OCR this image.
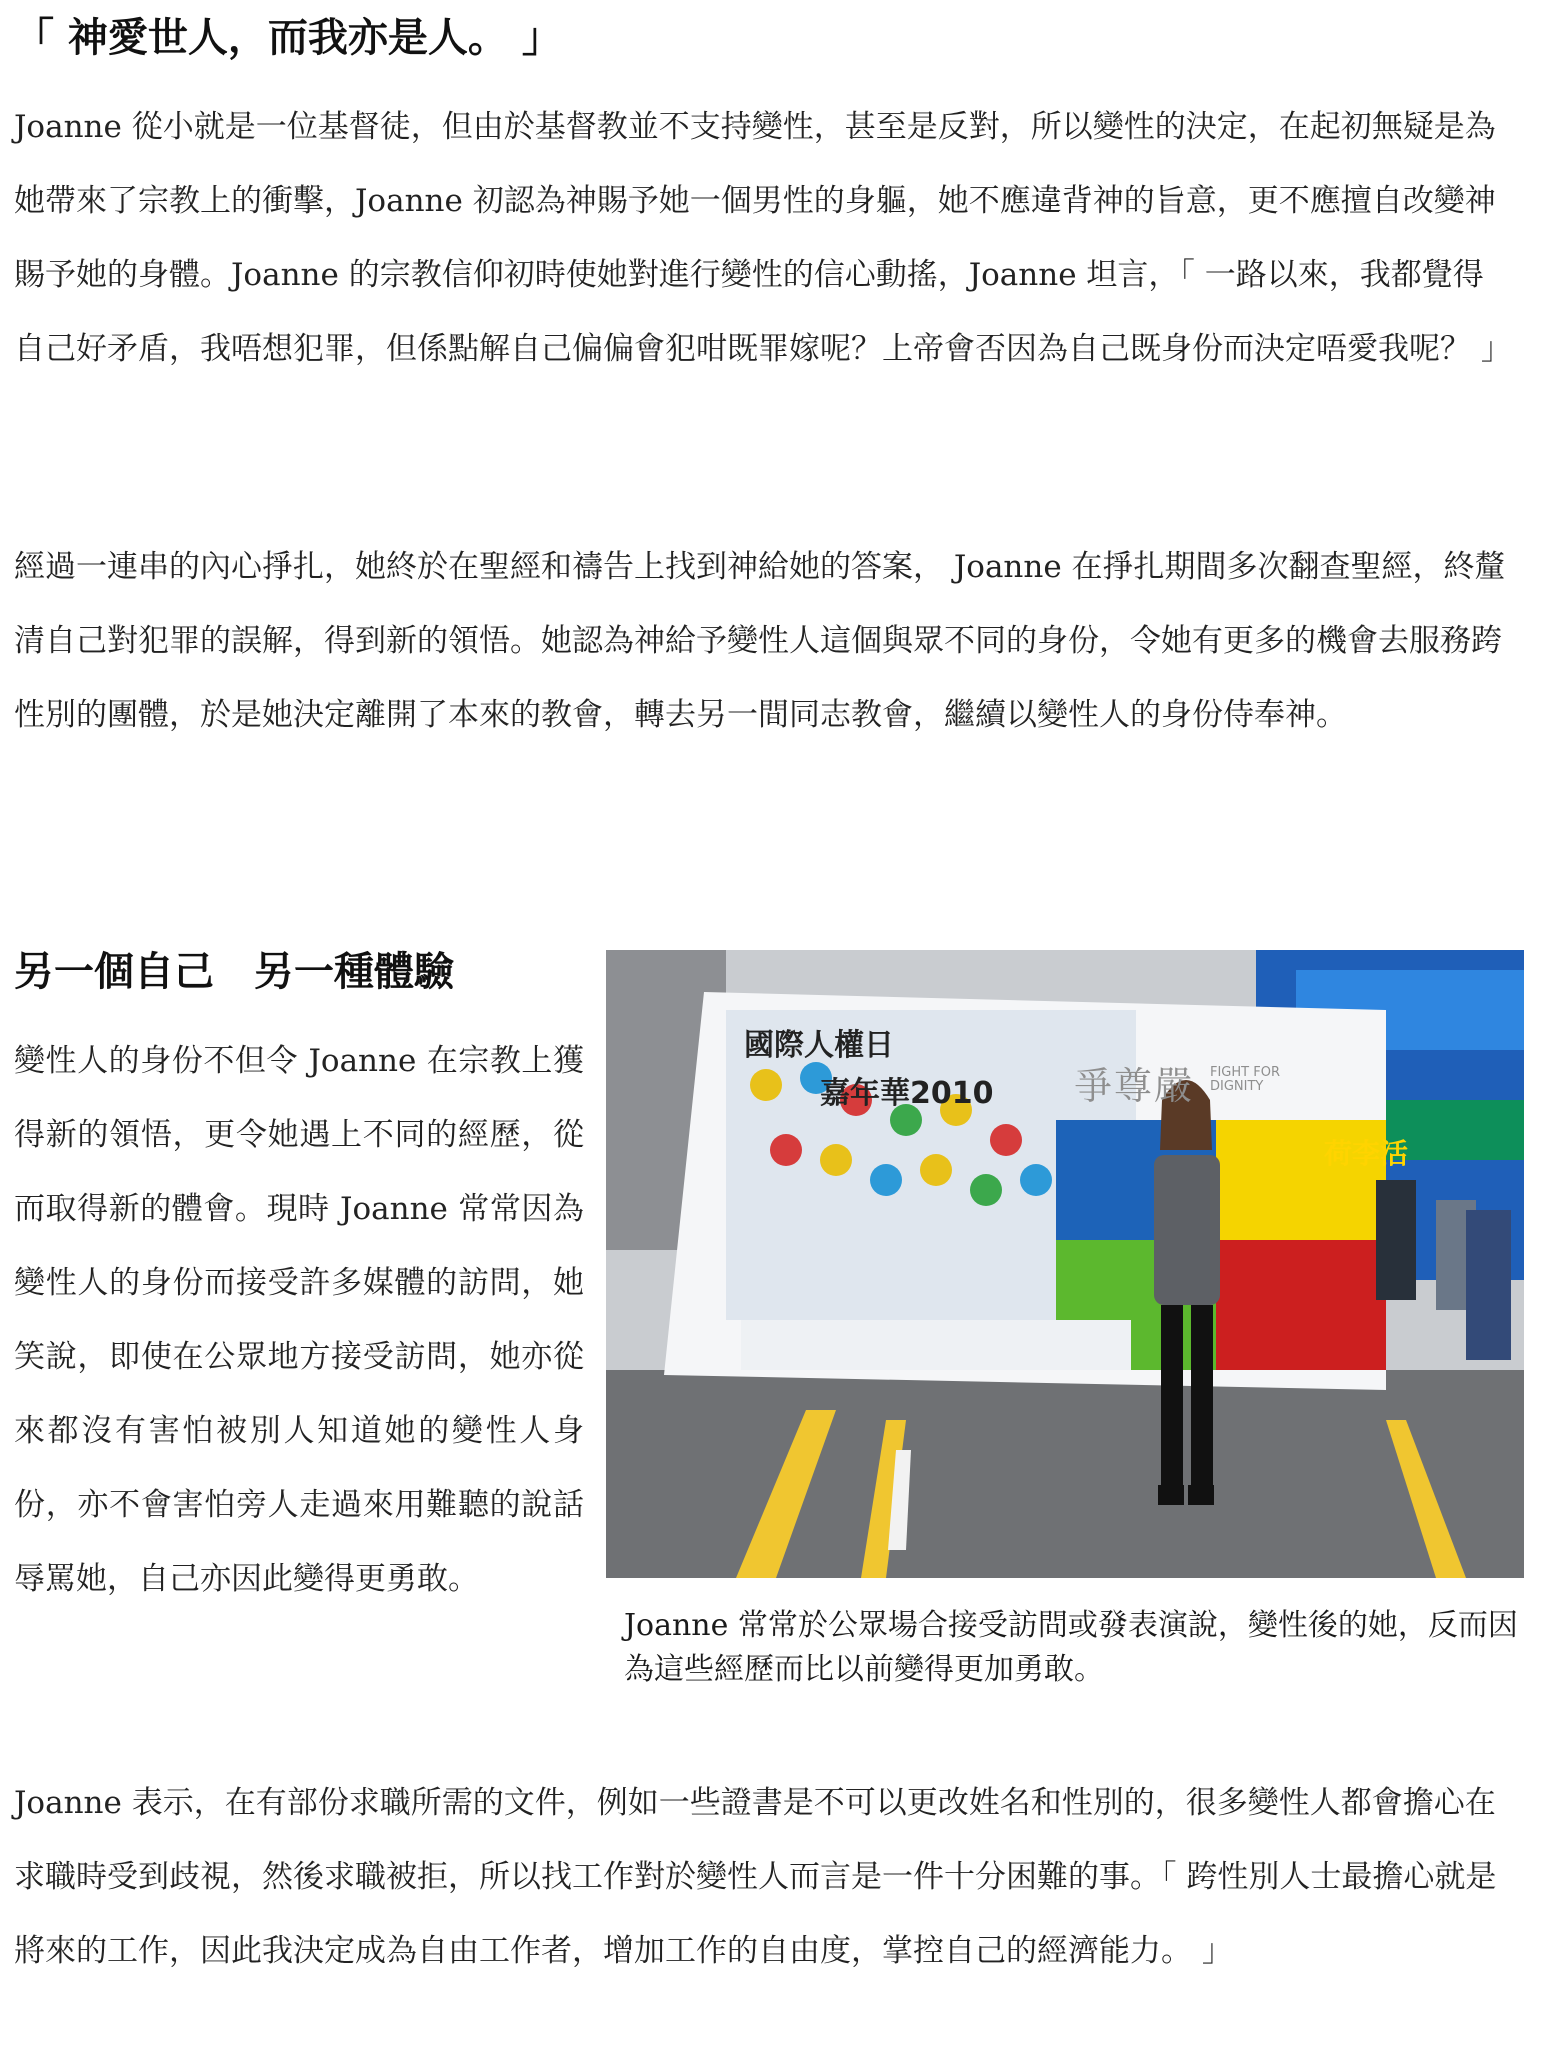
「 神愛世人，而我亦是人。 」

Joanne 從小就是一位基督徒，但由於基督教並不支持變性，甚至是反對，所以變性的決定，在起初無疑是為她帶來了宗教上的衝擊，Joanne 初認為神賜予她一個男性的身軀，她不應違背神的旨意，更不應擅自改變神賜予她的身體。Joanne 的宗教信仰初時使她對進行變性的信心動搖，Joanne 坦言，「 一路以來，我都覺得自己好矛盾，我唔想犯罪，但係點解自己偏偏會犯咁既罪嫁呢？上帝會否因為自己既身份而決定唔愛我呢？ 」

經過一連串的內心掙扎，她終於在聖經和禱告上找到神給她的答案， Joanne 在掙扎期間多次翻查聖經，終釐清自己對犯罪的誤解，得到新的領悟。她認為神給予變性人這個與眾不同的身份，令她有更多的機會去服務跨性別的團體，於是她決定離開了本來的教會，轉去另一間同志教會，繼續以變性人的身份侍奉神。

另一個自己　另一種體驗

變性人的身份不但令 Joanne 在宗教上獲得新的領悟，更令她遇上不同的經歷，從而取得新的體會。現時 Joanne 常常因為變性人的身份而接受許多媒體的訪問，她笑說，即使在公眾地方接受訪問，她亦從來都沒有害怕被別人知道她的變性人身份，亦不會害怕旁人走過來用難聽的說話辱罵她，自己亦因此變得更勇敢。

國際人權日
嘉年華2010 爭尊嚴 FIGHT FOR DIGNITY
荷李活

Joanne 常常於公眾場合接受訪問或發表演說，變性後的她，反而因為這些經歷而比以前變得更加勇敢。

Joanne 表示，在有部份求職所需的文件，例如一些證書是不可以更改姓名和性別的，很多變性人都會擔心在求職時受到歧視，然後求職被拒，所以找工作對於變性人而言是一件十分困難的事。「 跨性別人士最擔心就是將來的工作，因此我決定成為自由工作者，增加工作的自由度，掌控自己的經濟能力。 」
